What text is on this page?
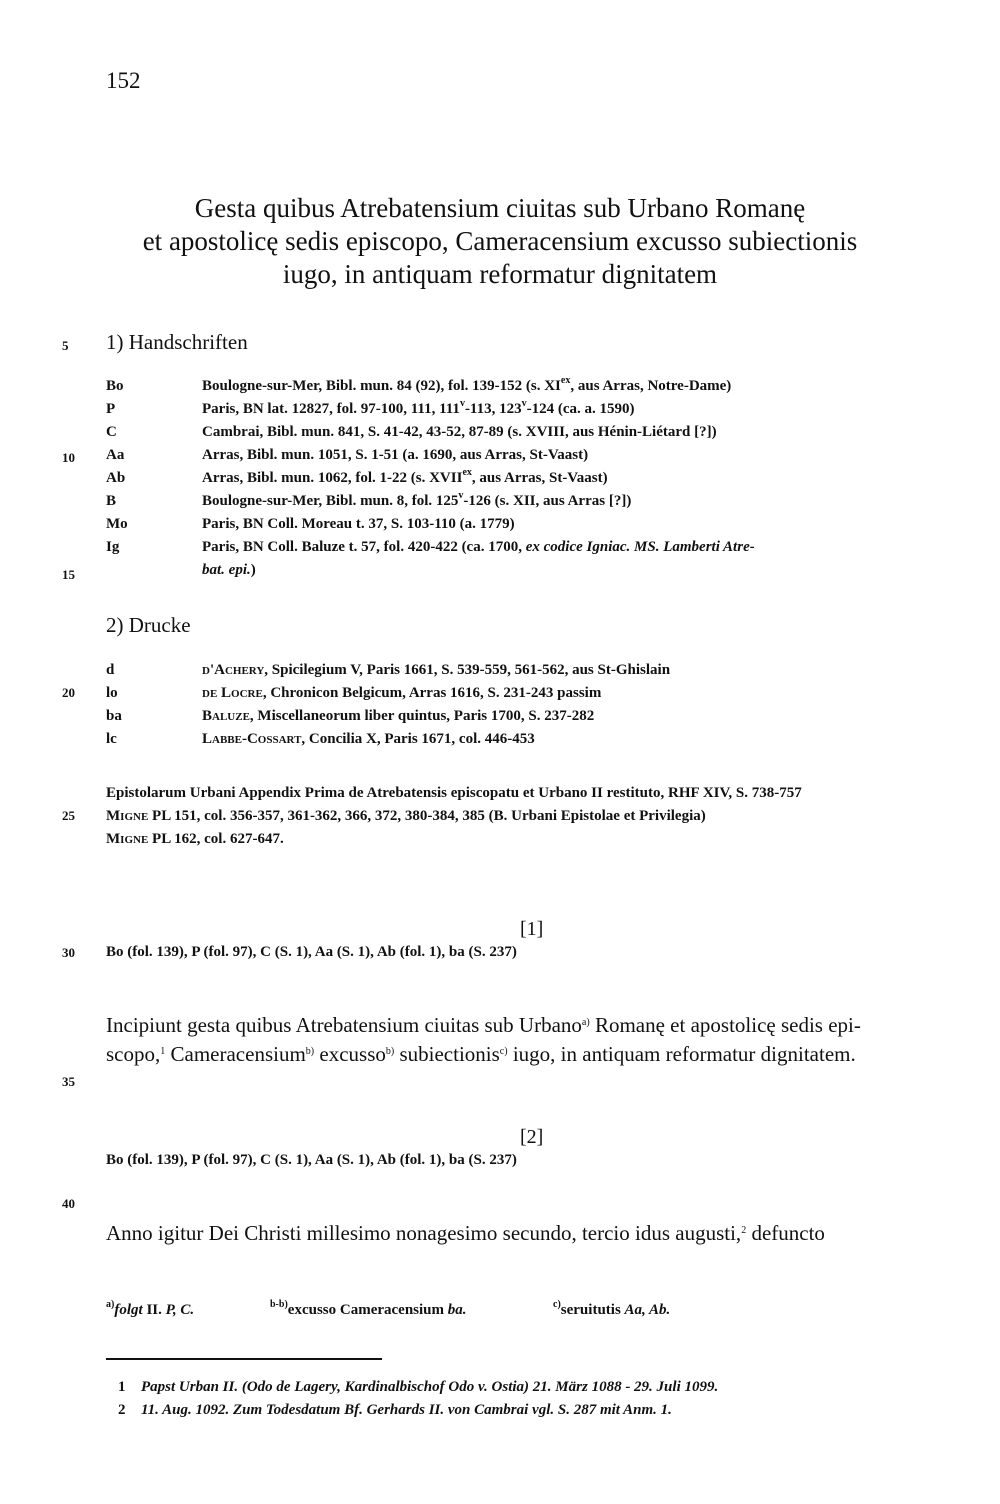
152
Gesta quibus Atrebatensium ciuitas sub Urbano Romanę
et apostolicę sedis episcopo, Cameracensium excusso subiectionis
iugo, in antiquam reformatur dignitatem
5
10
15
20
25
30
35
40
1) Handschriften
Bo	Boulogne-sur-Mer, Bibl. mun. 84 (92), fol. 139-152 (s. $XI^{ex}$, aus Arras, Notre-Dame)
P	Paris, BN lat. 12827, fol. 97-100, 111, 111$^v$-113, 123$^v$-124 (ca. a. 1590)
C	Cambrai, Bibl. mun. 841, S. 41-42, 43-52, 87-89 (s. XVIII, aus Hénin-Liétard [?])
Aa	Arras, Bibl. mun. 1051, S. 1-51 (a. 1690, aus Arras, St-Vaast)
Ab	Arras, Bibl. mun. 1062, fol. 1-22 (s. $XVII^{ex}$, aus Arras, St-Vaast)
B	Boulogne-sur-Mer, Bibl. mun. 8, fol. 125$^v$-126 (s. XII, aus Arras [?])
Mo	Paris, BN Coll. Moreau t. 37, S. 103-110 (a. 1779)
Ig	Paris, BN Coll. Baluze t. 57, fol. 420-422 (ca. 1700, ex codice Igniac. MS. Lamberti Atre-
bat. epi.)
2) Drucke
d	d'Achery, Spicilegium V, Paris 1661, S. 539-559, 561-562, aus St-Ghislain
lo	de Locre, Chronicon Belgicum, Arras 1616, S. 231-243 passim
ba	Baluze, Miscellaneorum liber quintus, Paris 1700, S. 237-282
lc	Labbe-Cossart, Concilia X, Paris 1671, col. 446-453
Epistolarum Urbani Appendix Prima de Atrebatensis episcopatu et Urbano II restituto, RHF XIV, S. 738-757
Migne PL 151, col. 356-357, 361-362, 366, 372, 380-384, 385 (B. Urbani Epistolae et Privilegia)
Migne PL 162, col. 627-647.
[1]
Bo (fol. 139), P (fol. 97), C (S. 1), Aa (S. 1), Ab (fol. 1), ba (S. 237)
Incipiunt gesta quibus Atrebatensium ciuitas sub Urbano$^{a)}$ Romanę et apostolicę sedis epi-
scopo,$^1$ Cameracensium$^{b)}$ excusso$^{b)}$ subiectionis$^{c)}$ iugo, in antiquam reformatur dignitatem.
[2]
Bo (fol. 139), P (fol. 97), C (S. 1), Aa (S. 1), Ab (fol. 1), ba (S. 237)
Anno igitur Dei Christi millesimo nonagesimo secundo, tercio idus augusti,$^2$ defuncto
$^{a)}$folgt II. P, C.	$^{b-b)}$excusso Cameracensium ba.	$^{c)}$seruitutis Aa, Ab.
1 Papst Urban II. (Odo de Lagery, Kardinalbischof Odo v. Ostia) 21. März 1088 - 29. Juli 1099.
2 11. Aug. 1092. Zum Todesdatum Bf. Gerhards II. von Cambrai vgl. S. 287 mit Anm. 1.
